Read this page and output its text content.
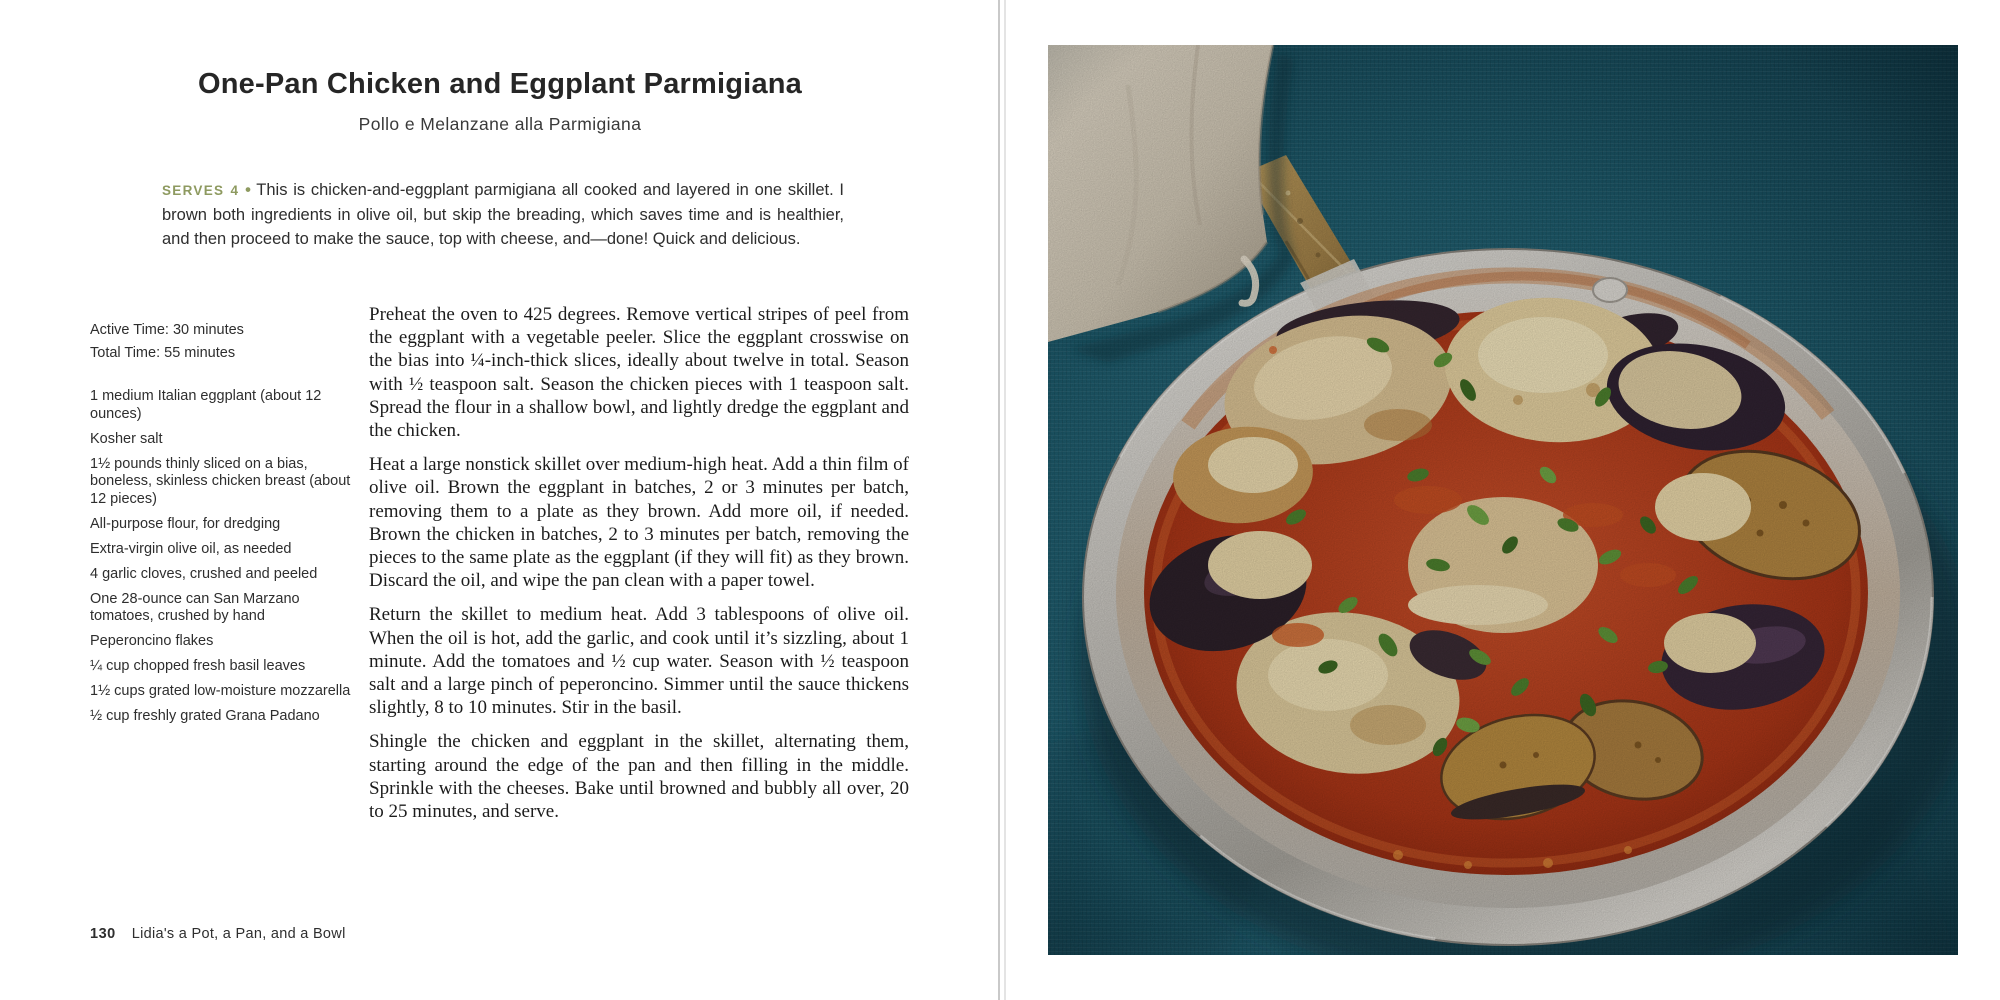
One-Pan Chicken and Eggplant Parmigiana
Pollo e Melanzane alla Parmigiana
SERVES 4 • This is chicken-and-eggplant parmigiana all cooked and layered in one skillet. I brown both ingredients in olive oil, but skip the breading, which saves time and is healthier, and then proceed to make the sauce, top with cheese, and—done! Quick and delicious.
Active Time: 30 minutes
Total Time: 55 minutes
1 medium Italian eggplant (about 12 ounces)
Kosher salt
1½ pounds thinly sliced on a bias, boneless, skinless chicken breast (about 12 pieces)
All-purpose flour, for dredging
Extra-virgin olive oil, as needed
4 garlic cloves, crushed and peeled
One 28-ounce can San Marzano tomatoes, crushed by hand
Peperoncino flakes
¼ cup chopped fresh basil leaves
1½ cups grated low-moisture mozzarella
½ cup freshly grated Grana Padano

Preheat the oven to 425 degrees. Remove vertical stripes of peel from the eggplant with a vegetable peeler. Slice the eggplant crosswise on the bias into ¼-inch-thick slices, ideally about twelve in total. Season with ½ teaspoon salt. Season the chicken pieces with 1 teaspoon salt. Spread the flour in a shallow bowl, and lightly dredge the eggplant and the chicken.

Heat a large nonstick skillet over medium-high heat. Add a thin film of olive oil. Brown the eggplant in batches, 2 or 3 minutes per batch, removing them to a plate as they brown. Add more oil, if needed. Brown the chicken in batches, 2 to 3 minutes per batch, removing the pieces to the same plate as the eggplant (if they will fit) as they brown. Discard the oil, and wipe the pan clean with a paper towel.

Return the skillet to medium heat. Add 3 tablespoons of olive oil. When the oil is hot, add the garlic, and cook until it’s sizzling, about 1 minute. Add the tomatoes and ½ cup water. Season with ½ teaspoon salt and a large pinch of peperoncino. Simmer until the sauce thickens slightly, 8 to 10 minutes. Stir in the basil.

Shingle the chicken and eggplant in the skillet, alternating them, starting around the edge of the pan and then filling in the middle. Sprinkle with the cheeses. Bake until browned and bubbly all over, 20 to 25 minutes, and serve.

130 Lidia's a Pot, a Pan, and a Bowl
